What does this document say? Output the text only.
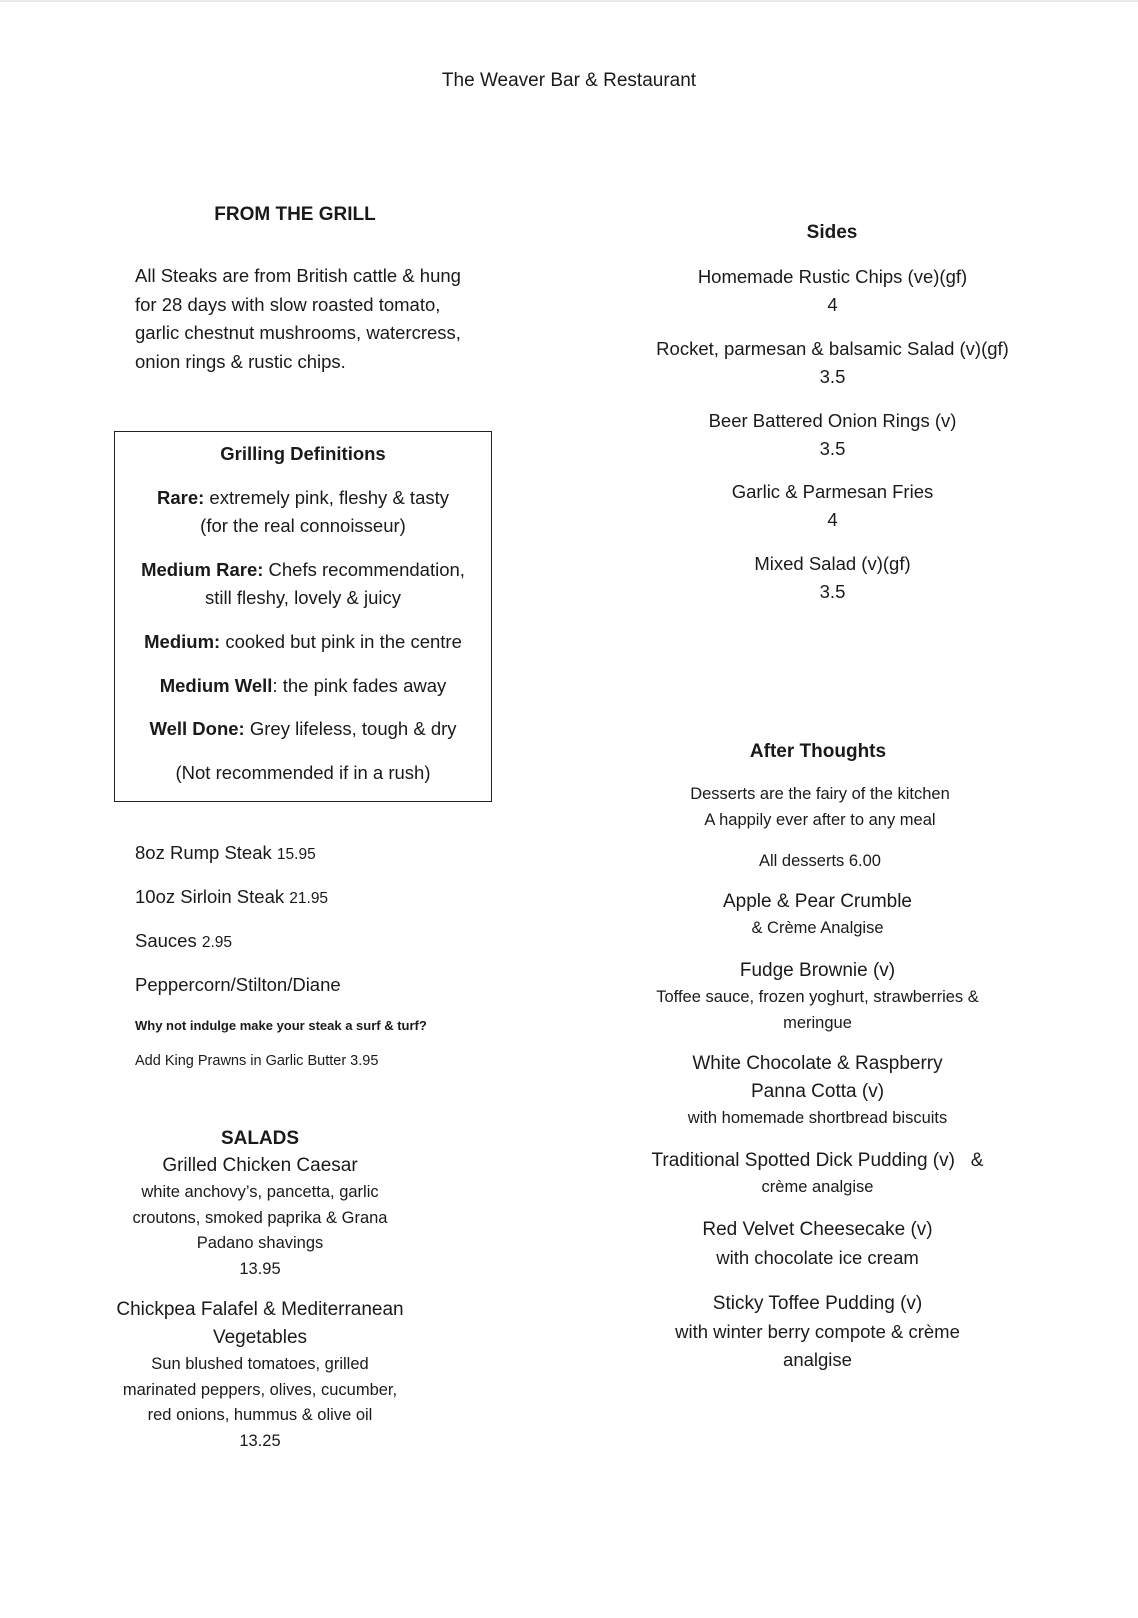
The Weaver Bar & Restaurant
FROM THE GRILL

All Steaks are from British cattle & hung

for 28 days with slow roasted tomato,

garlic chestnut mushrooms, watercress,

onion rings & rustic chips.

Grilling Definitions
Rare: extremely pink, fleshy & tasty
(for the real connoisseur)
Medium Rare: Chefs recommendation,
still fleshy, lovely & juicy
Medium: cooked but pink in the centre
Medium Well: the pink fades away
Well Done: Grey lifeless, tough & dry
(Not recommended if in a rush)
8oz Rump Steak 15.95
10oz Sirloin Steak 21.95
Sauces 2.95
Peppercorn/Stilton/Diane
Why not indulge make your steak a surf & turf?
Add King Prawns in Garlic Butter 3.95
SALADS
Grilled Chicken Caesar
white anchovy’s, pancetta, garlic
croutons, smoked paprika & Grana
Padano shavings
13.95
Chickpea Falafel & Mediterranean
Vegetables
Sun blushed tomatoes, grilled
marinated peppers, olives, cucumber,
red onions, hummus & olive oil
13.25
Sides
Homemade Rustic Chips (ve)(gf)
4
Rocket, parmesan & balsamic Salad (v)(gf)
3.5
Beer Battered Onion Rings (v)
3.5
Garlic & Parmesan Fries
4
Mixed Salad (v)(gf)
3.5
After Thoughts
Desserts are the fairy of the kitchen
A happily ever after to any meal
All desserts 6.00
Apple & Pear Crumble
& Crème Analgise
Fudge Brownie (v)
Toffee sauce, frozen yoghurt, strawberries &
meringue
White Chocolate & Raspberry
Panna Cotta (v)
with homemade shortbread biscuits
Traditional Spotted Dick Pudding (v)   &
crème analgise
Red Velvet Cheesecake (v)
with chocolate ice cream
Sticky Toffee Pudding (v)
with winter berry compote & crème
analgise
